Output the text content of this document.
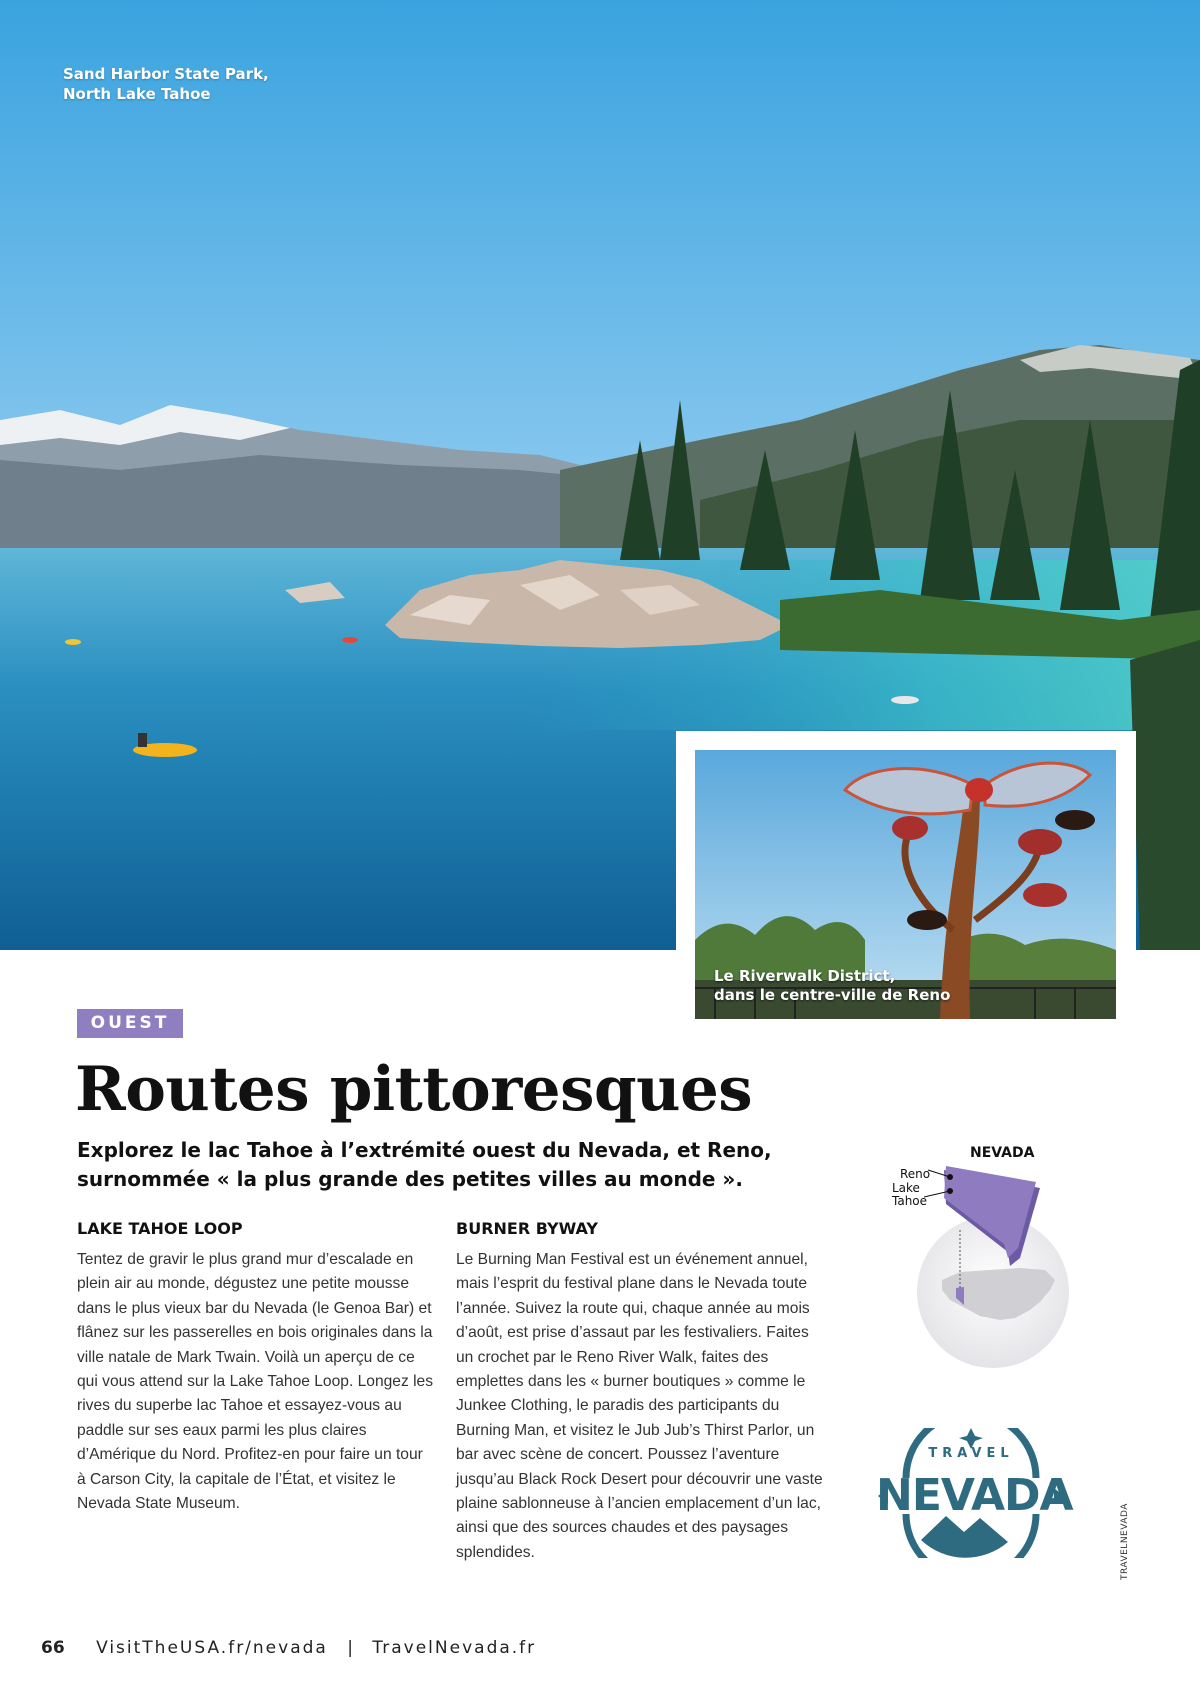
Sand Harbor State Park,
North Lake Tahoe
Le Riverwalk District,
dans le centre-ville de Reno
OUEST
Routes pittoresques

Explorez le lac Tahoe à l’extrémité ouest du Nevada, et Reno, surnommée « la plus grande des petites villes au monde ».

LAKE TAHOE LOOP

Tentez de gravir le plus grand mur d’escalade en plein air au monde, dégustez une petite mousse dans le plus vieux bar du Nevada (le Genoa Bar) et flânez sur les passerelles en bois originales dans la ville natale de Mark Twain. Voilà un aperçu de ce qui vous attend sur la Lake Tahoe Loop. Longez les rives du superbe lac Tahoe et essayez-vous au paddle sur ses eaux parmi les plus claires d’Amérique du Nord. Profitez-en pour faire un tour à Carson City, la capitale de l’État, et visitez le Nevada State Museum.

BURNER BYWAY

Le Burning Man Festival est un événement annuel, mais l’esprit du festival plane dans le Nevada toute l’année. Suivez la route qui, chaque année au mois d’août, est prise d’assaut par les festivaliers. Faites un crochet par le Reno River Walk, faites des emplettes dans les « burner boutiques » comme le Junkee Clothing, le paradis des participants du Burning Man, et visitez le Jub Jub’s Thirst Parlor, un bar avec scène de concert. Poussez l’aventure jusqu’au Black Rock Desert pour découvrir une vaste plaine sablonneuse à l’ancien emplacement d’un lac, ainsi que des sources chaudes et des paysages splendides.

NEVADA
Reno
Lake
Tahoe
TRAVEL
NEVADA
TRAVELNEVADA
66 VisitTheUSA.fr/nevada | TravelNevada.fr
